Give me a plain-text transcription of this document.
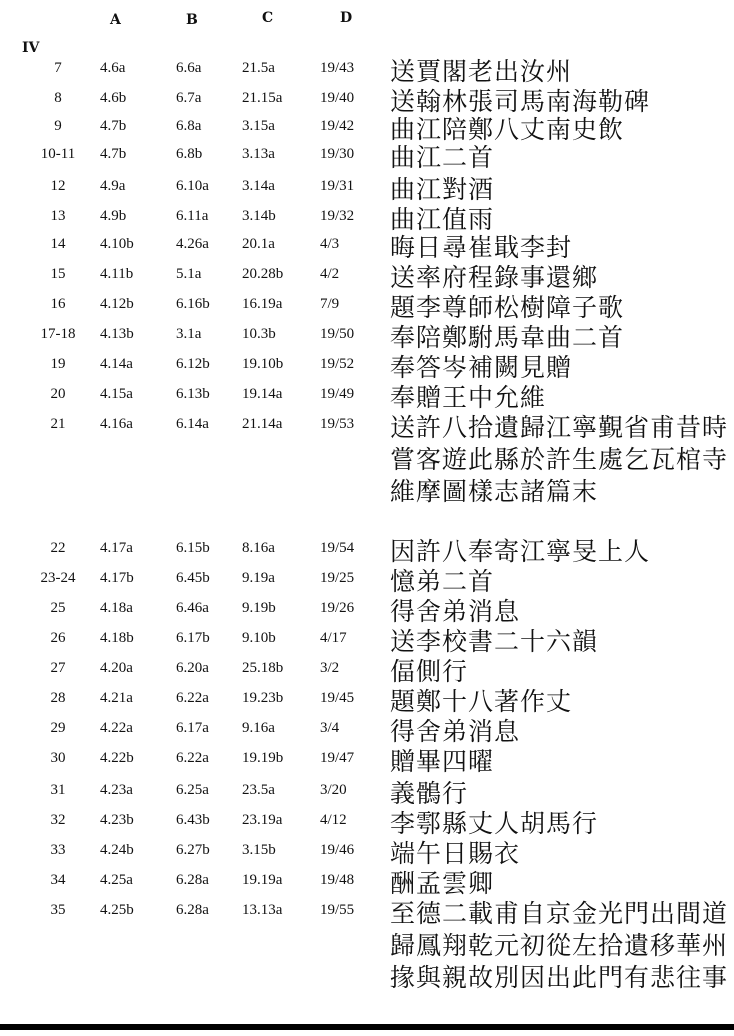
A	B	C	D
IV
7	4.6a	6.6a	21.5a	19/43 送賈閣老出汝州
8	4.6b	6.7a	21.15a	19/40 送翰林張司馬南海勒碑
9	4.7b	6.8a	3.15a	19/42 曲江陪鄭八丈南史飲
10-11	4.7b	6.8b	3.13a	19/30 曲江二首
12	4.9a	6.10a 3.14a	19/31 曲江對酒
13	4.9b	6.11a 3.14b	19/32 曲江值雨
14	4.10b	4.26a 20.1a	4/3 晦日尋崔戢李封
15	4.11b	5.1a	20.28b 4/2 送率府程錄事還鄉
16	4.12b	6.16b 16.19a	7/9 題李尊師松樹障子歌
17-18	4.13b	3.1a	10.3b	19/50 奉陪鄭駙馬韋曲二首
19	4.14a	6.12b 19.10b 19/52 奉答岑補闕見贈
20	4.15a	6.13b 19.14a	19/49 奉贈王中允維
21	4.16a	6.14a 21.14a	19/53 送許八拾遺歸江寧覲省甫昔時嘗客遊此縣於許生處乞瓦棺寺維摩圖樣志諸篇末
22	4.17a	6.15b 8.16a	19/54 因許八奉寄江寧旻上人
23-24	4.17b	6.45b 9.19a	19/25 憶弟二首
25	4.18a	6.46a 9.19b	19/26 得舍弟消息
26	4.18b	6.17b 9.10b	4/17 送李校書二十六韻
27	4.20a	6.20a 25.18b 3/2 偪側行
28	4.21a	6.22a 19.23b 19/45 題鄭十八著作丈
29	4.22a	6.17a 9.16a	3/4 得舍弟消息
30	4.22b	6.22a 19.19b 19/47 贈畢四曜
31	4.23a	6.25a 23.5a	3/20 義鶻行
32	4.23b	6.43b 23.19a	4/12 李鄠縣丈人胡馬行
33	4.24b	6.27b 3.15b	19/46 端午日賜衣
34	4.25a	6.28a 19.19a	19/48 酬孟雲卿
35	4.25b	6.28a 13.13a	19/55 至德二載甫自京金光門出間道歸鳳翔乾元初從左拾遺移華州掾與親故別因出此門有悲往事
